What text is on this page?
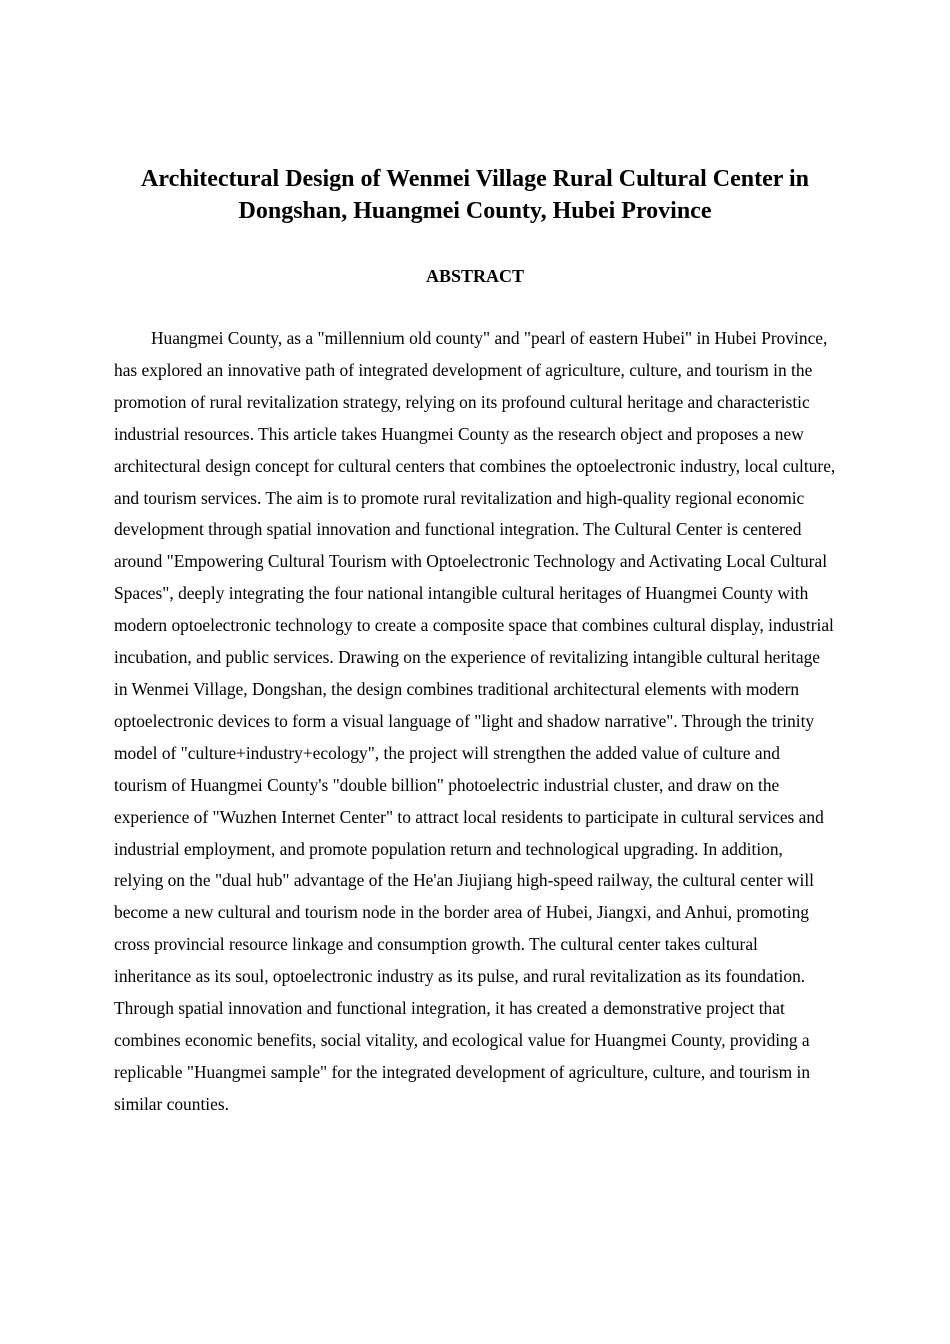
Architectural Design of Wenmei Village Rural Cultural Center in Dongshan, Huangmei County, Hubei Province
ABSTRACT

Huangmei County, as a "millennium old county" and "pearl of eastern Hubei" in Hubei Province, has explored an innovative path of integrated development of agriculture, culture, and tourism in the promotion of rural revitalization strategy, relying on its profound cultural heritage and characteristic industrial resources. This article takes Huangmei County as the research object and proposes a new architectural design concept for cultural centers that combines the optoelectronic industry, local culture, and tourism services. The aim is to promote rural revitalization and high-quality regional economic development through spatial innovation and functional integration. The Cultural Center is centered around "Empowering Cultural Tourism with Optoelectronic Technology and Activating Local Cultural Spaces", deeply integrating the four national intangible cultural heritages of Huangmei County with modern optoelectronic technology to create a composite space that combines cultural display, industrial incubation, and public services. Drawing on the experience of revitalizing intangible cultural heritage in Wenmei Village, Dongshan, the design combines traditional architectural elements with modern optoelectronic devices to form a visual language of "light and shadow narrative". Through the trinity model of "culture+industry+ecology", the project will strengthen the added value of culture and tourism of Huangmei County's "double billion" photoelectric industrial cluster, and draw on the experience of "Wuzhen Internet Center" to attract local residents to participate in cultural services and industrial employment, and promote population return and technological upgrading. In addition, relying on the "dual hub" advantage of the He'an Jiujiang high-speed railway, the cultural center will become a new cultural and tourism node in the border area of Hubei, Jiangxi, and Anhui, promoting cross provincial resource linkage and consumption growth. The cultural center takes cultural inheritance as its soul, optoelectronic industry as its pulse, and rural revitalization as its foundation. Through spatial innovation and functional integration, it has created a demonstrative project that combines economic benefits, social vitality, and ecological value for Huangmei County, providing a replicable "Huangmei sample" for the integrated development of agriculture, culture, and tourism in similar counties.
